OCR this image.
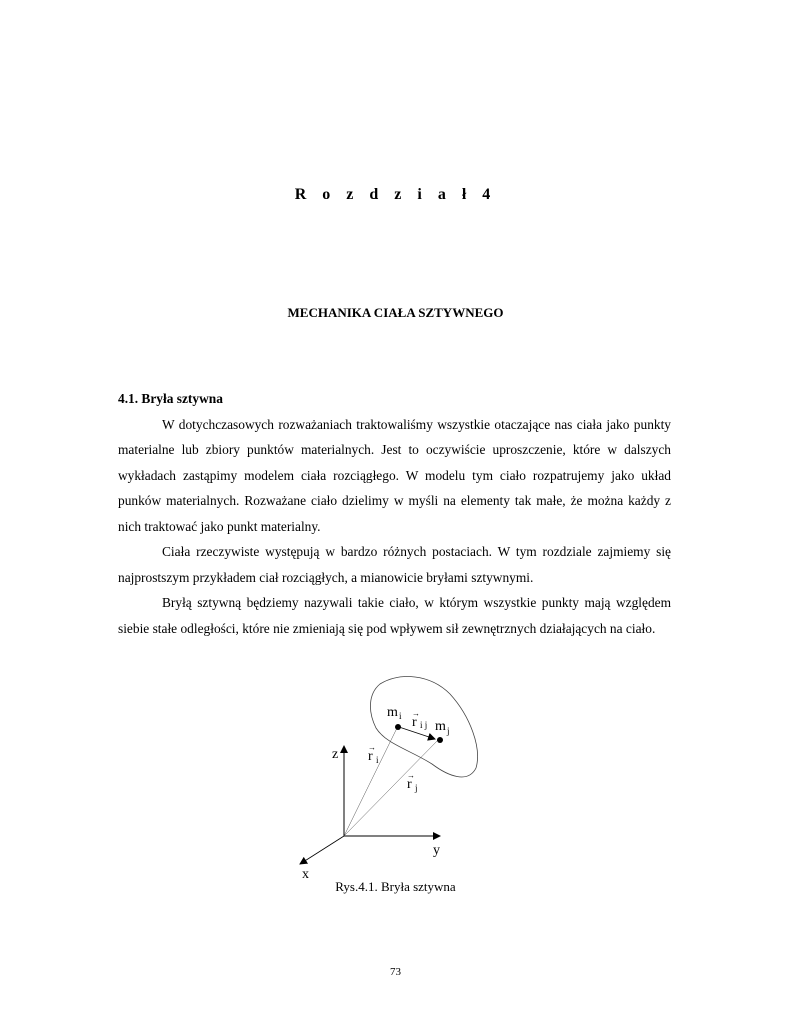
R o z d z i a ł 4
MECHANIKA CIAŁA SZTYWNEGO

4.1. Bryła sztywna

W dotychczasowych rozważaniach traktowaliśmy wszystkie otaczające nas ciała jako punkty materialne lub zbiory punktów materialnych. Jest to oczywiście uproszczenie, które w dalszych wykładach zastąpimy modelem ciała rozciągłego. W modelu tym ciało rozpatrujemy jako układ punków materialnych. Rozważane ciało dzielimy w myśli na elementy tak małe, że można każdy z nich traktować jako punkt materialny.

Ciała rzeczywiste występują w bardzo różnych postaciach. W tym rozdziale zajmiemy się najprostszym przykładem ciał rozciągłych, a mianowicie bryłami sztywnymi.

Bryłą sztywną będziemy nazywali takie ciało, w którym wszystkie punkty mają względem siebie stałe odległości, które nie zmieniają się pod wpływem sił zewnętrznych działających na ciało.

z
y
x
m i
m j
→
r i j
→
r i
→
r j
Rys.4.1. Bryła sztywna
73
